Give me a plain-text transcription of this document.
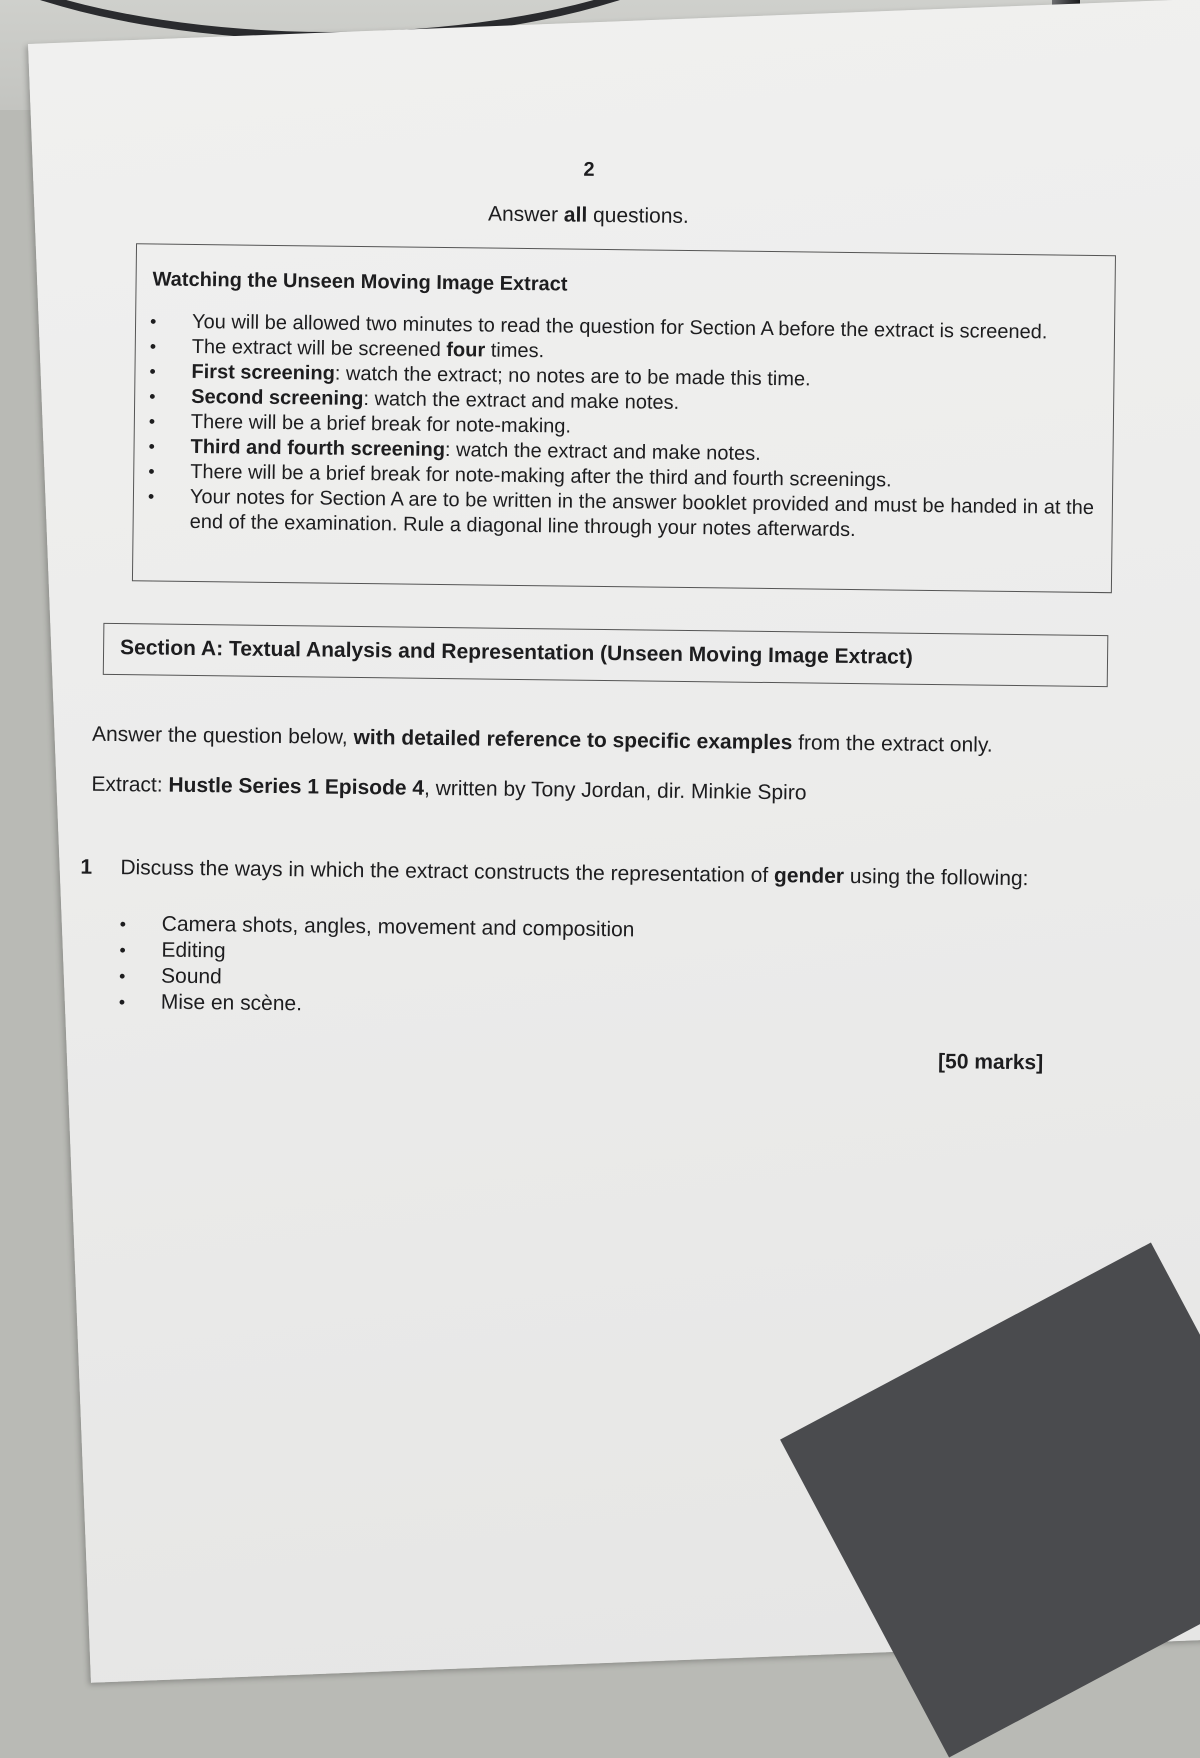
2
Answer all questions.
Watching the Unseen Moving Image Extract
• You will be allowed two minutes to read the question for Section A before the extract is screened.
• The extract will be screened four times.
• First screening: watch the extract; no notes are to be made this time.
• Second screening: watch the extract and make notes.
• There will be a brief break for note-making.
• Third and fourth screening: watch the extract and make notes.
• There will be a brief break for note-making after the third and fourth screenings.
• Your notes for Section A are to be written in the answer booklet provided and must be handed in at the end of the examination. Rule a diagonal line through your notes afterwards.
Section A: Textual Analysis and Representation (Unseen Moving Image Extract)
Answer the question below, with detailed reference to specific examples from the extract only.
Extract: Hustle Series 1 Episode 4, written by Tony Jordan, dir. Minkie Spiro
1 Discuss the ways in which the extract constructs the representation of gender using the following:
• Camera shots, angles, movement and composition
• Editing
• Sound
• Mise en scène.
[50 marks]
